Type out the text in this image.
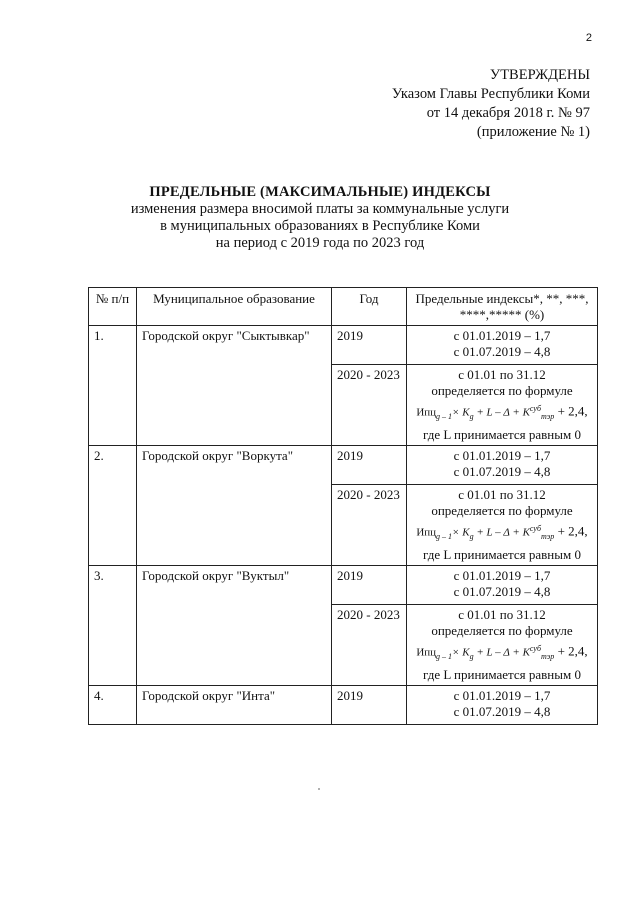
2
УТВЕРЖДЕНЫ
Указом Главы Республики Коми
от 14 декабря 2018 г. № 97
(приложение № 1)
ПРЕДЕЛЬНЫЕ (МАКСИМАЛЬНЫЕ) ИНДЕКСЫ
изменения размера вносимой платы за коммунальные услуги
в муниципальных образованиях в Республике Коми
на период с 2019 года по 2023 год
№ п/п	Муниципальное образование	Год	Предельные индексы*, **, ***, ****,***** (%)
1.	Городской округ "Сыктывкар"	2019	с 01.01.2019 – 1,7
с 01.07.2019 – 4,8

		2020 - 2023	с 01.01 по 31.12
определяется по формуле
$Ипц_{g - 1}\times K_g + L - \Delta + K^{суб}_{тэр} + 2,4$,
где L принимается равным 0

2.	Городской округ "Воркута"	2019	с 01.01.2019 – 1,7
с 01.07.2019 – 4,8

		2020 - 2023	с 01.01 по 31.12
определяется по формуле
$Ипц_{g - 1}\times K_g + L - \Delta + K^{суб}_{тэр} + 2,4$,
где L принимается равным 0

3.	Городской округ "Вуктыл"	2019	с 01.01.2019 – 1,7
с 01.07.2019 – 4,8

		2020 - 2023	с 01.01 по 31.12
определяется по формуле
$Ипц_{g - 1}\times K_g + L - \Delta + K^{суб}_{тэр} + 2,4$,
где L принимается равным 0

4.	Городской округ "Инта"	2019	с 01.01.2019 – 1,7
с 01.07.2019 – 4,8
